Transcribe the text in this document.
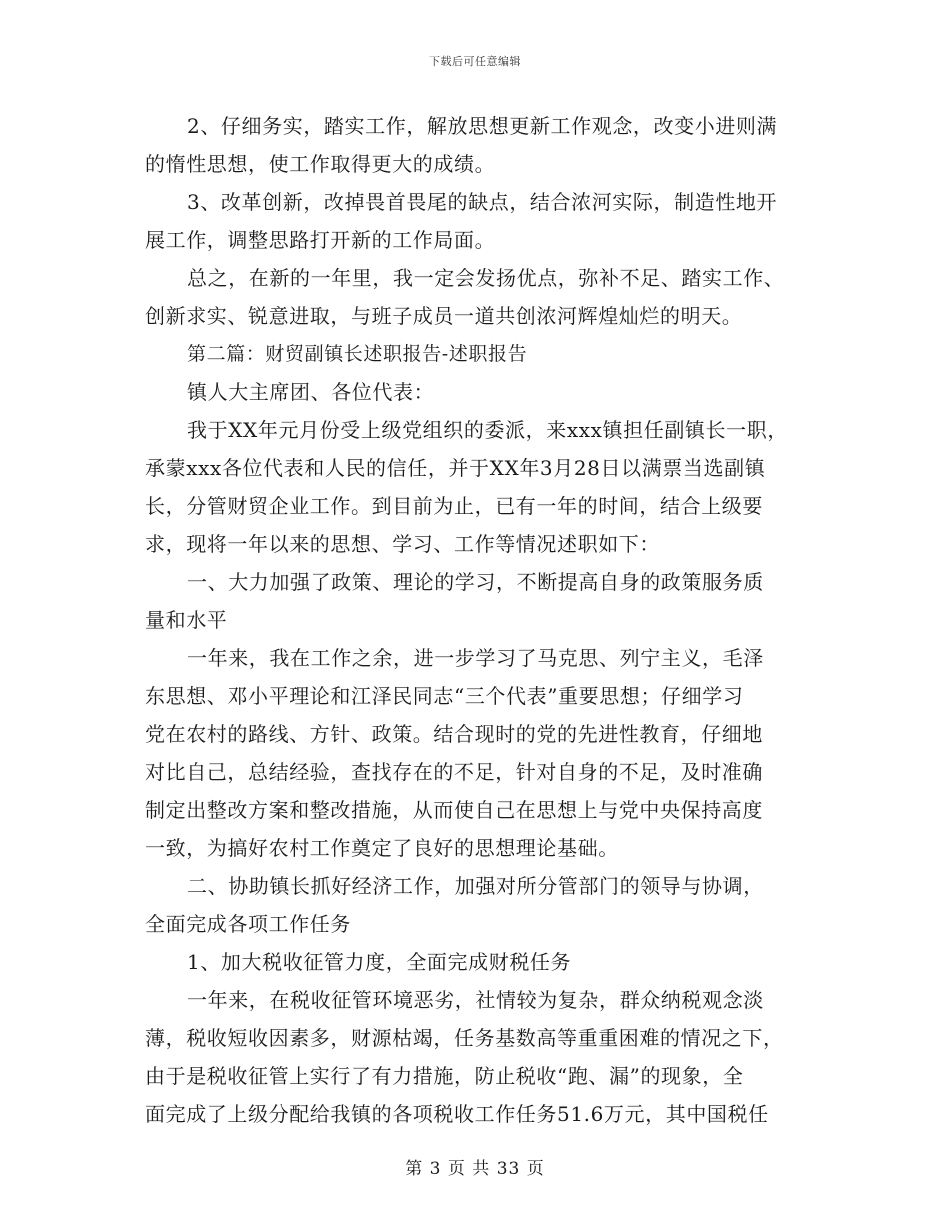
下载后可任意编辑
2、仔细务实，踏实工作，解放思想更新工作观念，改变小进则满
的惰性思想，使工作取得更大的成绩。
3、改革创新，改掉畏首畏尾的缺点，结合浓河实际，制造性地开
展工作，调整思路打开新的工作局面。
总之，在新的一年里，我一定会发扬优点，弥补不足、踏实工作、
创新求实、锐意进取，与班子成员一道共创浓河辉煌灿烂的明天。
第二篇：财贸副镇长述职报告-述职报告
镇人大主席团、各位代表：
我于XX年元月份受上级党组织的委派，来xxx镇担任副镇长一职，
承蒙xxx各位代表和人民的信任，并于XX年3月28日以满票当选副镇
长，分管财贸企业工作。到目前为止，已有一年的时间，结合上级要
求，现将一年以来的思想、学习、工作等情况述职如下：
一、大力加强了政策、理论的学习，不断提高自身的政策服务质
量和水平
一年来，我在工作之余，进一步学习了马克思、列宁主义，毛泽
东思想、邓小平理论和江泽民同志“三个代表”重要思想；仔细学习
党在农村的路线、方针、政策。结合现时的党的先进性教育，仔细地
对比自己，总结经验，查找存在的不足，针对自身的不足，及时准确
制定出整改方案和整改措施，从而使自己在思想上与党中央保持高度
一致，为搞好农村工作奠定了良好的思想理论基础。
二、协助镇长抓好经济工作，加强对所分管部门的领导与协调，
全面完成各项工作任务
1、加大税收征管力度，全面完成财税任务
一年来，在税收征管环境恶劣，社情较为复杂，群众纳税观念淡
薄，税收短收因素多，财源枯竭，任务基数高等重重困难的情况之下，
由于是税收征管上实行了有力措施，防止税收“跑、漏”的现象，全
面完成了上级分配给我镇的各项税收工作任务51.6万元，其中国税任
第 3 页 共 33 页
